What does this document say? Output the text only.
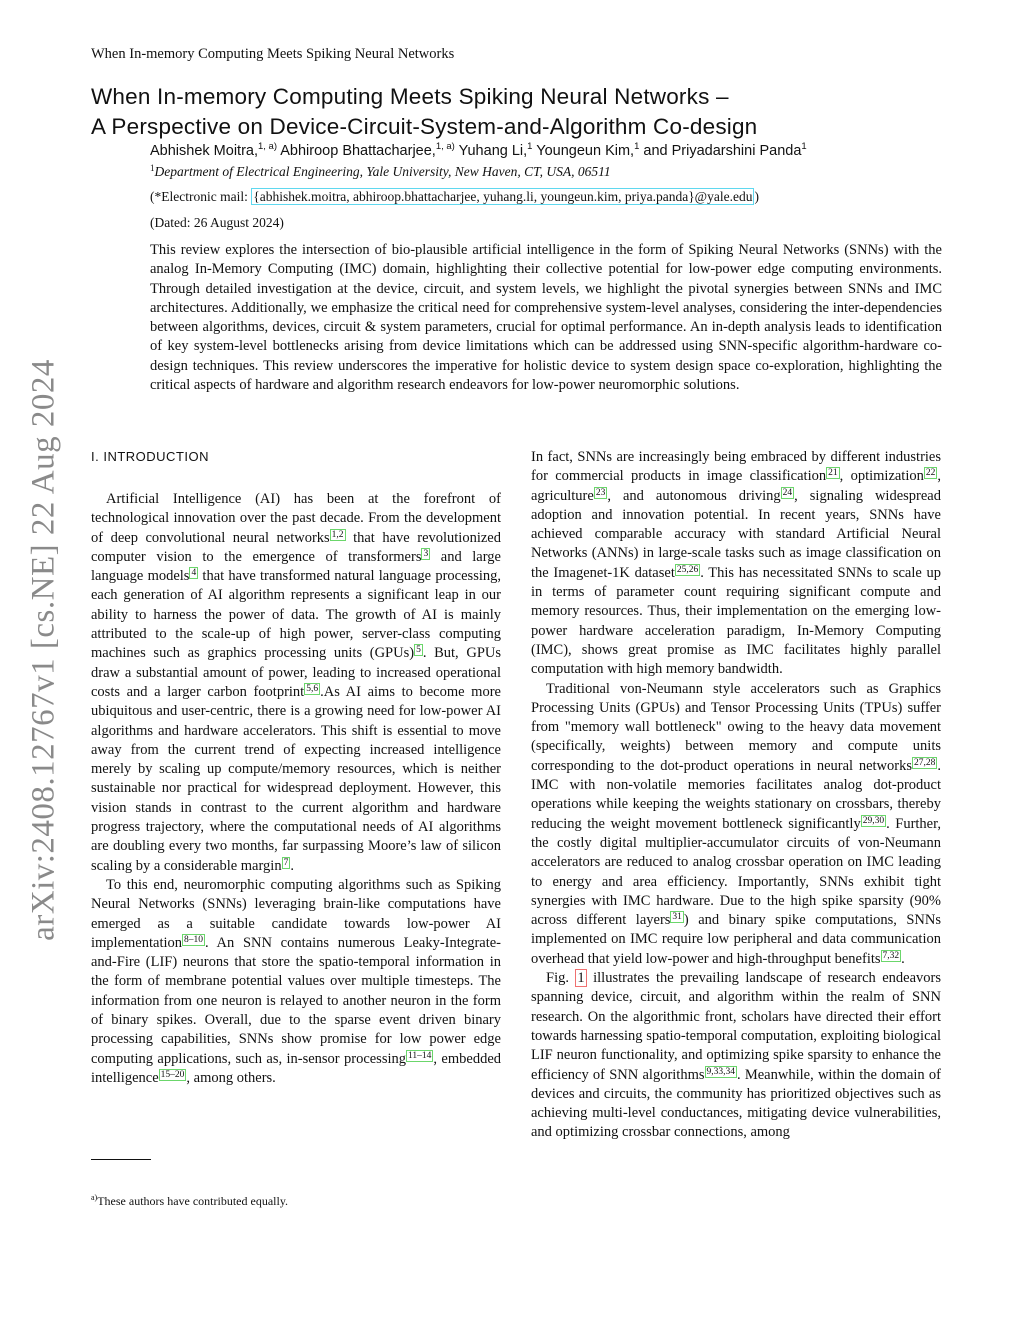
When In-memory Computing Meets Spiking Neural Networks
arXiv:2408.12767v1 [cs.NE] 22 Aug 2024
When In-memory Computing Meets Spiking Neural Networks –
A Perspective on Device-Circuit-System-and-Algorithm Co-design
Abhishek Moitra,$^{1, a)}$ Abhiroop Bhattacharjee,$^{1, a)}$ Yuhang Li,$^1$ Youngeun Kim,$^1$ and Priyadarshini Panda$^1$
$^1$Department of Electrical Engineering, Yale University, New Haven, CT, USA, 06511
(*Electronic mail: {abhishek.moitra, abhiroop.bhattacharjee, yuhang.li, youngeun.kim, priya.panda}@yale.edu )
(Dated: 26 August 2024)

This review explores the intersection of bio-plausible artificial intelligence in the form of Spiking Neural Networks (SNNs) with the analog In-Memory Computing (IMC) domain, highlighting their collective potential for low-power edge computing environments. Through detailed investigation at the device, circuit, and system levels, we highlight the pivotal synergies between SNNs and IMC architectures. Additionally, we emphasize the critical need for comprehensive system-level analyses, considering the inter-dependencies between algorithms, devices, circuit & system parameters, crucial for optimal performance. An in-depth analysis leads to identification of key system-level bottlenecks arising from device limitations which can be addressed using SNN-specific algorithm-hardware co-design techniques. This review underscores the imperative for holistic device to system design space co-exploration, highlighting the critical aspects of hardware and algorithm research endeavors for low-power neuromorphic solutions.

I. INTRODUCTION

Artificial Intelligence (AI) has been at the forefront of technological innovation over the past decade. From the development of deep convolutional neural networks $^{1,2}$ that have revolutionized computer vision to the emergence of transformers $^3$ and large language models $^4$ that have transformed natural language processing, each generation of AI algorithm represents a significant leap in our ability to harness the power of data. The growth of AI is mainly attributed to the scale-up of high power, server-class computing machines such as graphics processing units (GPUs) $^5$ . But, GPUs draw a substantial amount of power, leading to increased operational costs and a larger carbon footprint $^{5,6}$ .As AI aims to become more ubiquitous and user-centric, there is a growing need for low-power AI algorithms and hardware accelerators. This shift is essential to move away from the current trend of expecting increased intelligence merely by scaling up compute/memory resources, which is neither sustainable nor practical for widespread deployment. However, this vision stands in contrast to the current algorithm and hardware progress trajectory, where the computational needs of AI algorithms are doubling every two months, far surpassing Moore’s law of silicon scaling by a considerable margin $^7$ .

To this end, neuromorphic computing algorithms such as Spiking Neural Networks (SNNs) leveraging brain-like computations have emerged as a suitable candidate towards low-power AI implementation $^{8-10}$ . An SNN contains numerous Leaky-Integrate-and-Fire (LIF) neurons that store the spatio-temporal information in the form of membrane potential values over multiple timesteps. The information from one neuron is relayed to another neuron in the form of binary spikes. Overall, due to the sparse event driven binary processing capabilities, SNNs show promise for low power edge computing applications, such as, in-sensor processing $^{11-14}$ , embedded intelligence $^{15-20}$ , among others.

In fact, SNNs are increasingly being embraced by different industries for commercial products in image classification $^{21}$ , optimization $^{22}$ , agriculture $^{23}$ , and autonomous driving $^{24}$ , signaling widespread adoption and innovation potential. In recent years, SNNs have achieved comparable accuracy with standard Artificial Neural Networks (ANNs) in large-scale tasks such as image classification on the Imagenet-1K dataset $^{25,26}$ . This has necessitated SNNs to scale up in terms of parameter count requiring significant compute and memory resources. Thus, their implementation on the emerging low-power hardware acceleration paradigm, In-Memory Computing (IMC), shows great promise as IMC facilitates highly parallel computation with high memory bandwidth.

Traditional von-Neumann style accelerators such as Graphics Processing Units (GPUs) and Tensor Processing Units (TPUs) suffer from "memory wall bottleneck" owing to the heavy data movement (specifically, weights) between memory and compute units corresponding to the dot-product operations in neural networks $^{27,28}$ . IMC with non-volatile memories facilitates analog dot-product operations while keeping the weights stationary on crossbars, thereby reducing the weight movement bottleneck significantly $^{29,30}$ . Further, the costly digital multiplier-accumulator circuits of von-Neumann accelerators are reduced to analog crossbar operation on IMC leading to energy and area efficiency. Importantly, SNNs exhibit tight synergies with IMC hardware. Due to the high spike sparsity (90% across different layers $^{31}$ ) and binary spike computations, SNNs implemented on IMC require low peripheral and data communication overhead that yield low-power and high-throughput benefits $^{7,32}$ .

Fig. 1 illustrates the prevailing landscape of research endeavors spanning device, circuit, and algorithm within the realm of SNN research. On the algorithmic front, scholars have directed their effort towards harnessing spatio-temporal computation, exploiting biological LIF neuron functionality, and optimizing spike sparsity to enhance the efficiency of SNN algorithms $^{9,33,34}$ . Meanwhile, within the domain of devices and circuits, the community has prioritized objectives such as achieving multi-level conductances, mitigating device vulnerabilities, and optimizing crossbar connections, among

$^{a)}$These authors have contributed equally.
